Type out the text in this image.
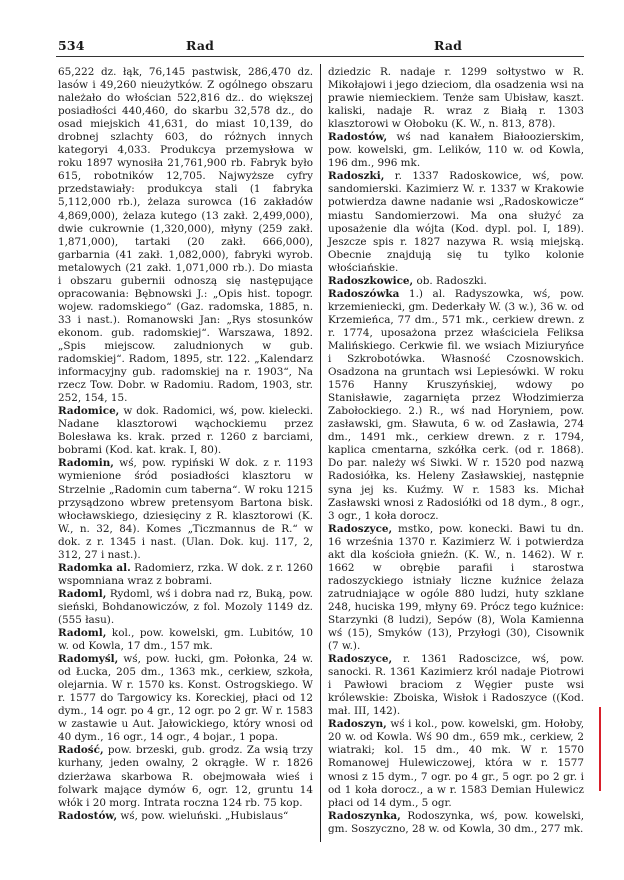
534	Rad	Rad

65,222 dz. łąk, 76,145 pastwisk, 286,470 dz. lasów i 49,260 nieużytków. Z ogólnego obszaru należało do włościan 522,816 dz.. do większej posiadłości 440,460, do skarbu 32,578 dz., do osad miejskich 41,631, do miast 10,139, do drobnej szlachty 603, do różnych innych kategoryi 4,033. Produkcya przemysłowa w roku 1897 wynosiła 21,761,900 rb. Fabryk było 615, robotników 12,705. Najwyższe cyfry przedstawiały: produkcya stali (1 fabryka 5,112,000 rb.), żelaza surowca (16 zakładów 4,869,000), żelaza kutego (13 zakł. 2,499,000), dwie cukrownie (1,320,000), młyny (259 zakł. 1,871,000), tartaki (20 zakł. 666,000), garbarnia (41 zakł. 1,082,000), fabryki wyrob. metalowych (21 zakł. 1,071,000 rb.). Do miasta i obszaru gubernii odnoszą się następujące opracowania: Bębnowski J.: „Opis hist. topogr. wojew. radomskiego“ (Gaz. radomska, 1885, n. 33 i nast.). Romanowski Jan: „Rys stosunków ekonom. gub. radomskiej“. Warszawa, 1892. „Spis miejscow. zaludnionych w gub. radomskiej“. Radom, 1895, str. 122. „Kalendarz informacyjny gub. radomskiej na r. 1903“, Na rzecz Tow. Dobr. w Radomiu. Radom, 1903, str. 252, 154, 15.

Radomice, w dok. Radomici, wś, pow. kielecki. Nadane klasztorowi wąchockiemu przez Bolesława ks. krak. przed r. 1260 z barciami, bobrami (Kod. kat. krak. I, 80).

Radomin, wś, pow. rypiński W dok. z r. 1193 wymienione śród posiadłości klasztoru w Strzelnie „Radomin cum taberna“. W roku 1215 przysądzono wbrew pretensyom Bartona bisk. włocławskiego, dziesięciny z R. klasztorowi (K. W., n. 32, 84). Komes „Ticzmannus de R.“ w dok. z r. 1345 i nast. (Ulan. Dok. kuj. 117, 2, 312, 27 i nast.).

Radomka al. Radomierz, rzka. W dok. z r. 1260 wspomniana wraz z bobrami.

Radoml, Rydoml, wś i dobra nad rz, Buką, pow. sieński, Bohdanowiczów, z fol. Mozoly 1149 dz. (555 łasu).

Radoml, kol., pow. kowelski, gm. Lubitów, 10 w. od Kowla, 17 dm., 157 mk.

Radomyśl, wś, pow. łucki, gm. Połonka, 24 w. od Łucka, 205 dm., 1363 mk., cerkiew, szkoła, olejarnia. W r. 1570 ks. Konst. Ostrogskiego. W r. 1577 do Targowicy ks. Koreckiej, płaci od 12 dym., 14 ogr. po 4 gr., 12 ogr. po 2 gr. W r. 1583 w zastawie u Aut. Jałowickiego, który wnosi od 40 dym., 16 ogr., 14 ogr., 4 bojar., 1 popa.

Radość, pow. brzeski, gub. grodz. Za wsią trzy kurhany, jeden owalny, 2 okrągłe. W r. 1826 dzierżawa skarbowa R. obejmowała wieś i folwark mające dymów 6, ogr. 12, gruntu 14 włók i 20 morg. Intrata roczna 124 rb. 75 kop.

Radostów, wś, pow. wieluński. „Hubislaus“

dziedzic R. nadaje r. 1299 sołtystwo w R. Mikołajowi i jego dzieciom, dla osadzenia wsi na prawie niemieckiem. Tenże sam Ubisław, kaszt. kaliski, nadaje R. wraz z Białą r. 1303 klasztorowi w Ołoboku (K. W., n. 813, 878).

Radostów, wś nad kanałem Białoozierskim, pow. kowelski, gm. Lelików, 110 w. od Kowla, 196 dm., 996 mk.

Radoszki, r. 1337 Radoskowice, wś, pow. sandomierski. Kazimierz W. r. 1337 w Krakowie potwierdza dawne nadanie wsi „Radoskowicze“ miastu Sandomierzowi. Ma ona służyć za uposażenie dla wójta (Kod. dypl. pol. I, 189). Jeszcze spis r. 1827 nazywa R. wsią miejską. Obecnie znajdują się tu tylko kolonie włościańskie.

Radoszkowice, ob. Radoszki.

Radoszówka 1.) al. Radyszowka, wś, pow. krzemieniecki, gm. Dederkały W. (3 w.), 36 w. od Krzemieńca, 77 dm., 571 mk., cerkiew drewn. z r. 1774, uposażona przez właściciela Feliksa Malińskiego. Cerkwie fil. we wsiach Miziuryńce i Szkrobotówka. Własność Czosnowskich. Osadzona na gruntach wsi Lepiesówki. W roku 1576 Hanny Kruszyńskiej, wdowy po Stanisławie, zagarnięta przez Włodzimierza Zabołockiego. 2.) R., wś nad Horyniem, pow. zasławski, gm. Sławuta, 6 w. od Zasławia, 274 dm., 1491 mk., cerkiew drewn. z r. 1794, kaplica cmentarna, szkółka cerk. (od r. 1868). Do par. należy wś Siwki. W r. 1520 pod nazwą Radosiółka, ks. Heleny Zasławskiej, następnie syna jej ks. Kuźmy. W r. 1583 ks. Michał Zasławski wnosi z Radosiółki od 18 dym., 8 ogr., 3 ogr., 1 koła dorocz.

Radoszyce, mstko, pow. konecki. Bawi tu dn. 16 września 1370 r. Kazimierz W. i potwierdza akt dla kościoła gnieźn. (K. W., n. 1462). W r. 1662 w obrębie parafii i starostwa radoszyckiego istniały liczne kuźnice żelaza zatrudniające w ogóle 880 ludzi, huty szklane 248, huciska 199, młyny 69. Prócz tego kuźnice: Starzynki (8 ludzi), Sepów (8), Wola Kamienna wś (15), Smyków (13), Przyłogi (30), Cisownik (7 w.).

Radoszyce, r. 1361 Radoscizce, wś, pow. sanocki. R. 1361 Kazimierz król nadaje Piotrowi i Pawłowi braciom z Węgier puste wsi królewskie: Zboiska, Wisłok i Radoszyce ((Kod. mał. III, 142).

Radoszyn, wś i kol., pow. kowelski, gm. Hołoby, 20 w. od Kowla. Wś 90 dm., 659 mk., cerkiew, 2 wiatraki; kol. 15 dm., 40 mk. W r. 1570 Romanowej Hulewiczowej, która w r. 1577 wnosi z 15 dym., 7 ogr. po 4 gr., 5 ogr. po 2 gr. i od 1 koła dorocz., a w r. 1583 Demian Hulewicz płaci od 14 dym., 5 ogr.

Radoszynka, Rodoszynka, wś, pow. kowelski, gm. Soszyczno, 28 w. od Kowla, 30 dm., 277 mk.
